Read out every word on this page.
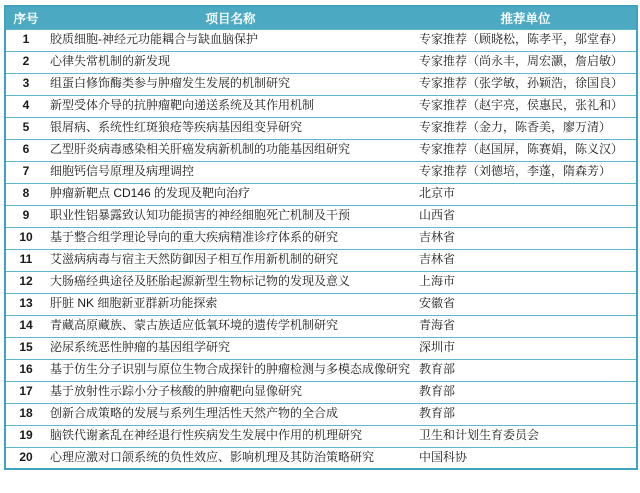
序号	项目名称	推荐单位
1	胶质细胞-神经元功能耦合与缺血脑保护	专家推荐（顾晓松，陈孝平，邬堂春）
2	心律失常机制的新发现	专家推荐（尚永丰，周宏灏，詹启敏）
3	组蛋白修饰酶类参与肿瘤发生发展的机制研究	专家推荐（张学敏，孙颖浩，徐国良）
4	新型受体介导的抗肿瘤靶向递送系统及其作用机制	专家推荐（赵宇亮，侯惠民，张礼和）
5	银屑病、系统性红斑狼疮等疾病基因组变异研究	专家推荐（金力，陈香美，廖万清）
6	乙型肝炎病毒感染相关肝癌发病新机制的功能基因组研究	专家推荐（赵国屏，陈赛娟，陈义汉）
7	细胞钙信号原理及病理调控	专家推荐（刘德培，李蓬，隋森芳）
8	肿瘤新靶点 CD146 的发现及靶向治疗	北京市
9	职业性铝暴露致认知功能损害的神经细胞死亡机制及干预	山西省
10	基于整合组学理论导向的重大疾病精准诊疗体系的研究	吉林省
11	艾滋病病毒与宿主天然防御因子相互作用新机制的研究	吉林省
12	大肠癌经典途径及胚胎起源新型生物标记物的发现及意义	上海市
13	肝脏 NK 细胞新亚群新功能探索	安徽省
14	青藏高原藏族、蒙古族适应低氧环境的遗传学机制研究	青海省
15	泌尿系统恶性肿瘤的基因组学研究	深圳市
16	基于仿生分子识别与原位生物合成探针的肿瘤检测与多模态成像研究	教育部
17	基于放射性示踪小分子核酸的肿瘤靶向显像研究	教育部
18	创新合成策略的发展与系列生理活性天然产物的全合成	教育部
19	脑铁代谢紊乱在神经退行性疾病发生发展中作用的机理研究	卫生和计划生育委员会
20	心理应激对口颌系统的负性效应、影响机理及其防治策略研究	中国科协
